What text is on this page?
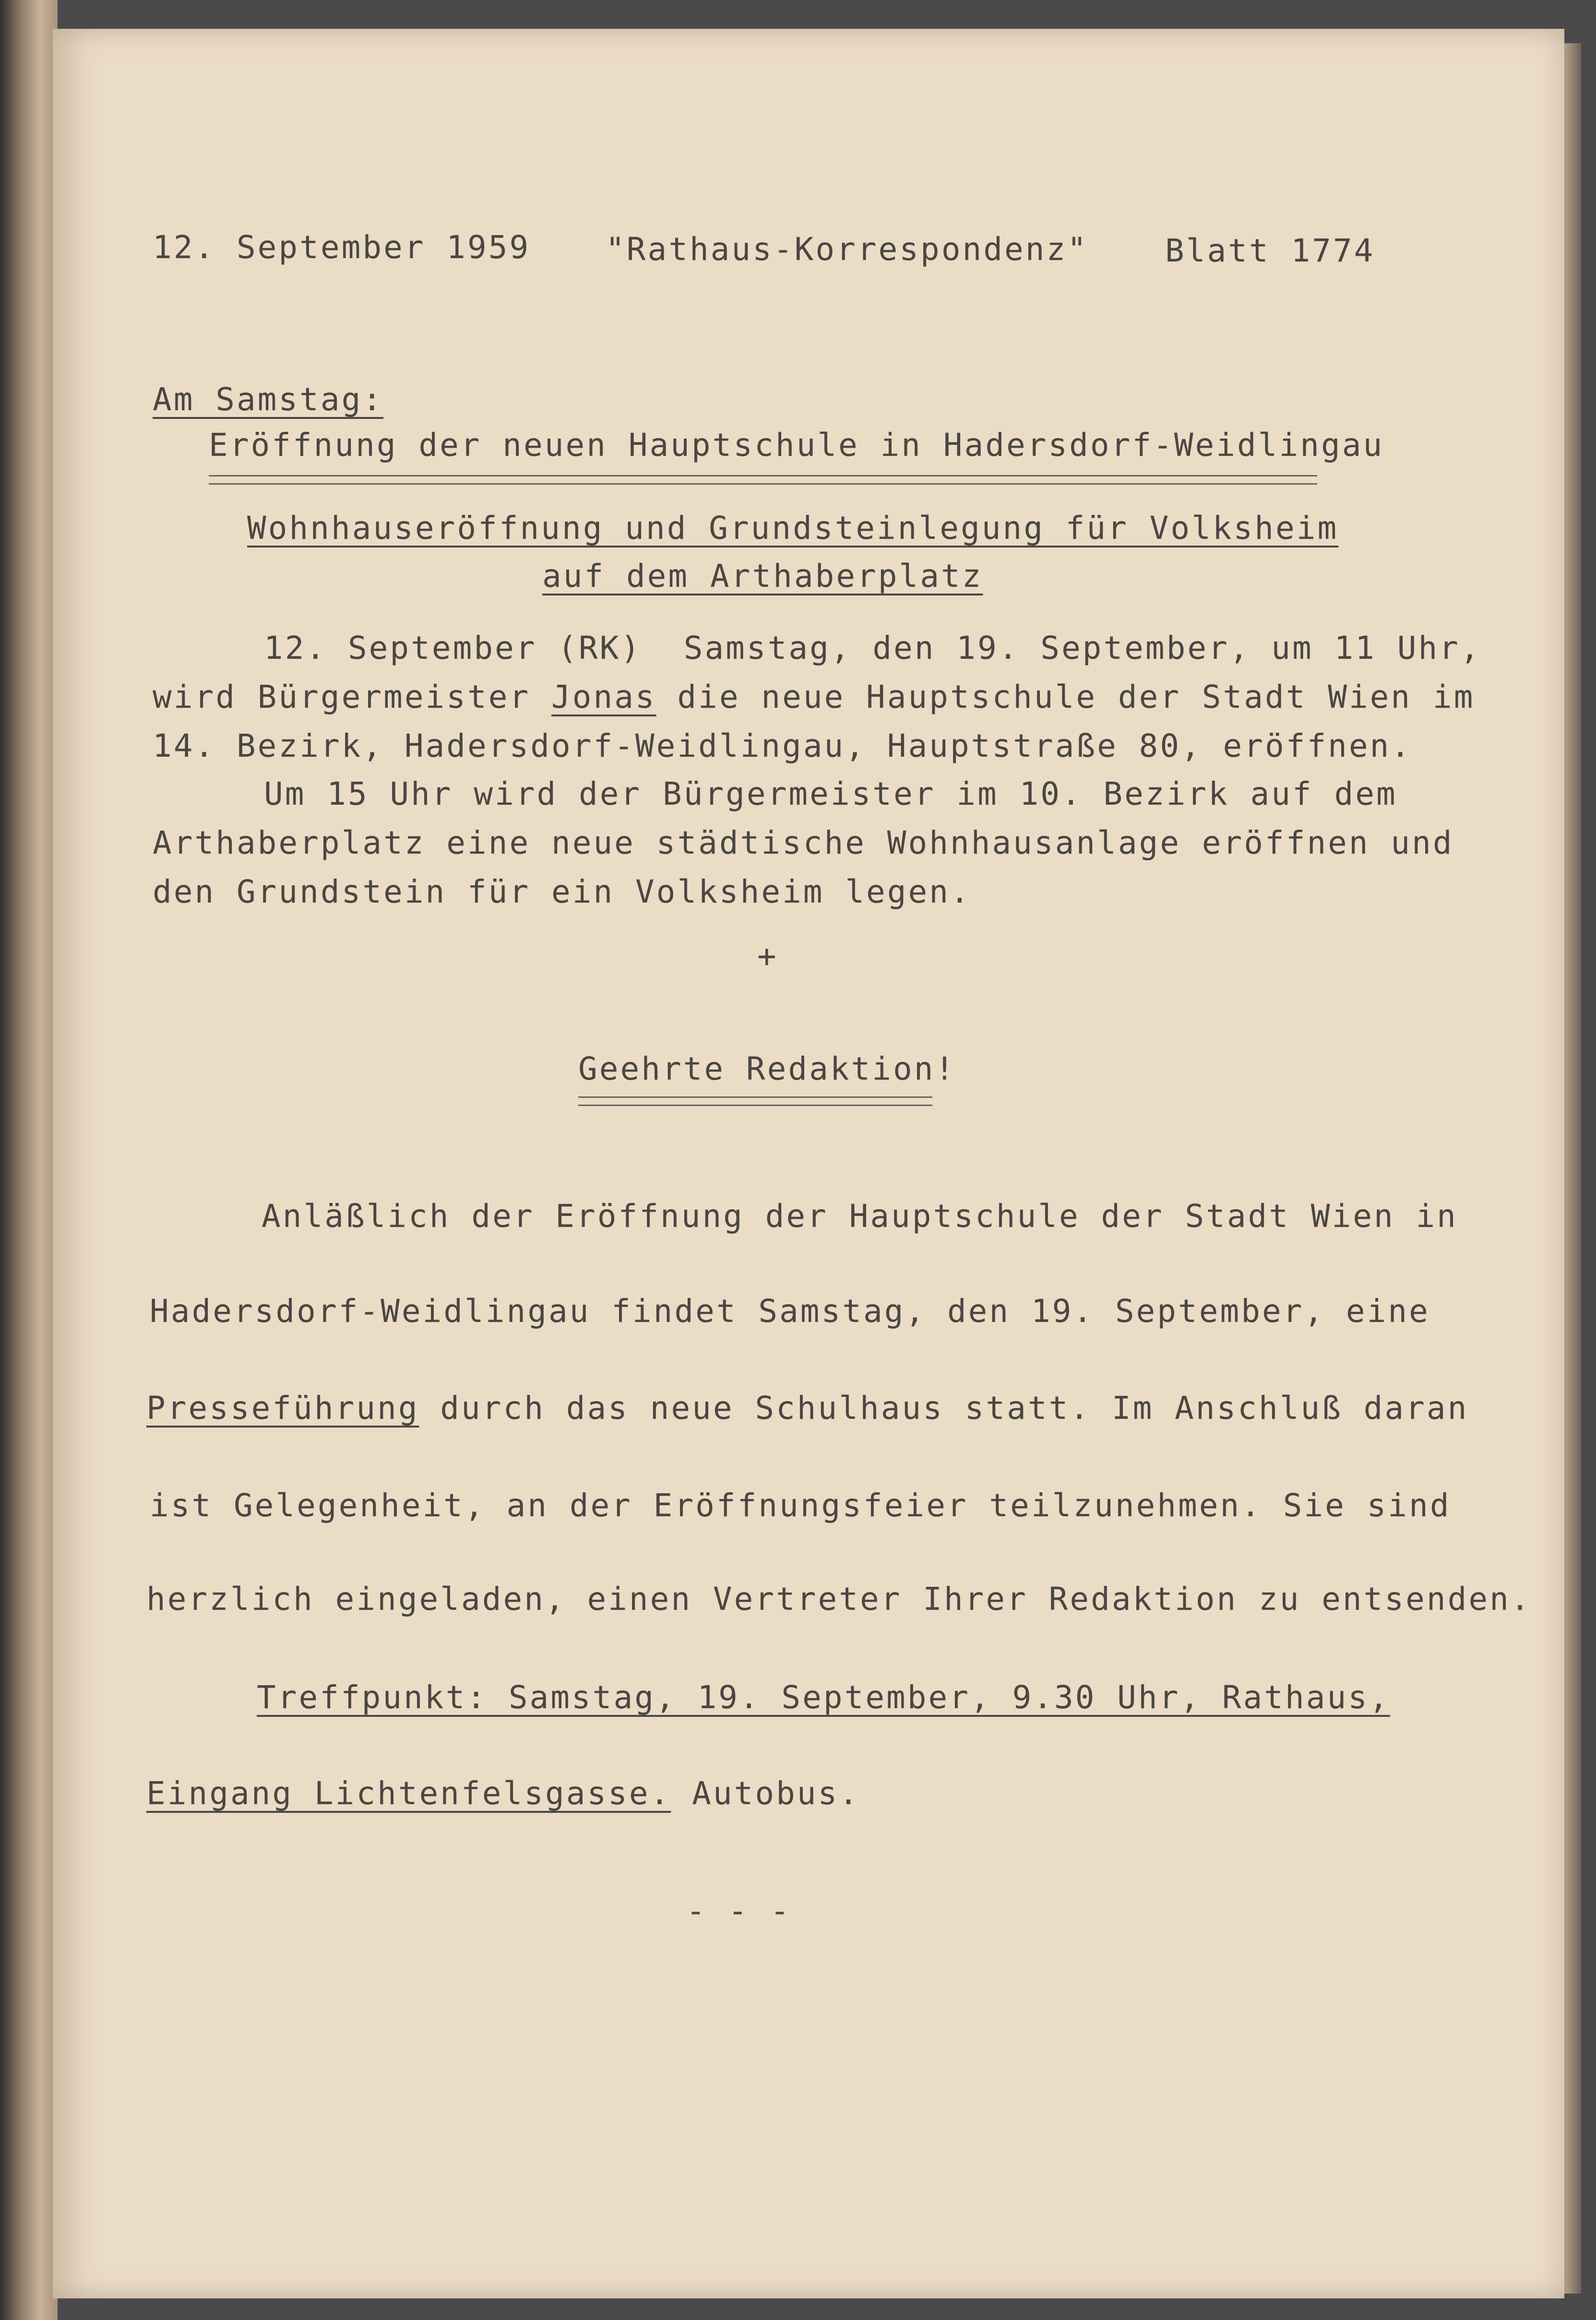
12. September 1959 "Rathaus-Korrespondenz" Blatt 1774
Am Samstag:
Eröffnung der neuen Hauptschule in Hadersdorf-Weidlingau
Wohnhauseröffnung und Grundsteinlegung für Volksheim
auf dem Arthaberplatz
12. September (RK)  Samstag, den 19. September, um 11 Uhr,
wird Bürgermeister Jonas die neue Hauptschule der Stadt Wien im
14. Bezirk, Hadersdorf-Weidlingau, Hauptstraße 80, eröffnen.
Um 15 Uhr wird der Bürgermeister im 10. Bezirk auf dem
Arthaberplatz eine neue städtische Wohnhausanlage eröffnen und
den Grundstein für ein Volksheim legen.
+
Geehrte Redaktion!
Anläßlich der Eröffnung der Hauptschule der Stadt Wien in
Hadersdorf-Weidlingau findet Samstag, den 19. September, eine
Presseführung durch das neue Schulhaus statt. Im Anschluß daran
ist Gelegenheit, an der Eröffnungsfeier teilzunehmen. Sie sind
herzlich eingeladen, einen Vertreter Ihrer Redaktion zu entsenden.
Treffpunkt: Samstag, 19. September, 9.30 Uhr, Rathaus,
Eingang Lichtenfelsgasse. Autobus.
- - -
